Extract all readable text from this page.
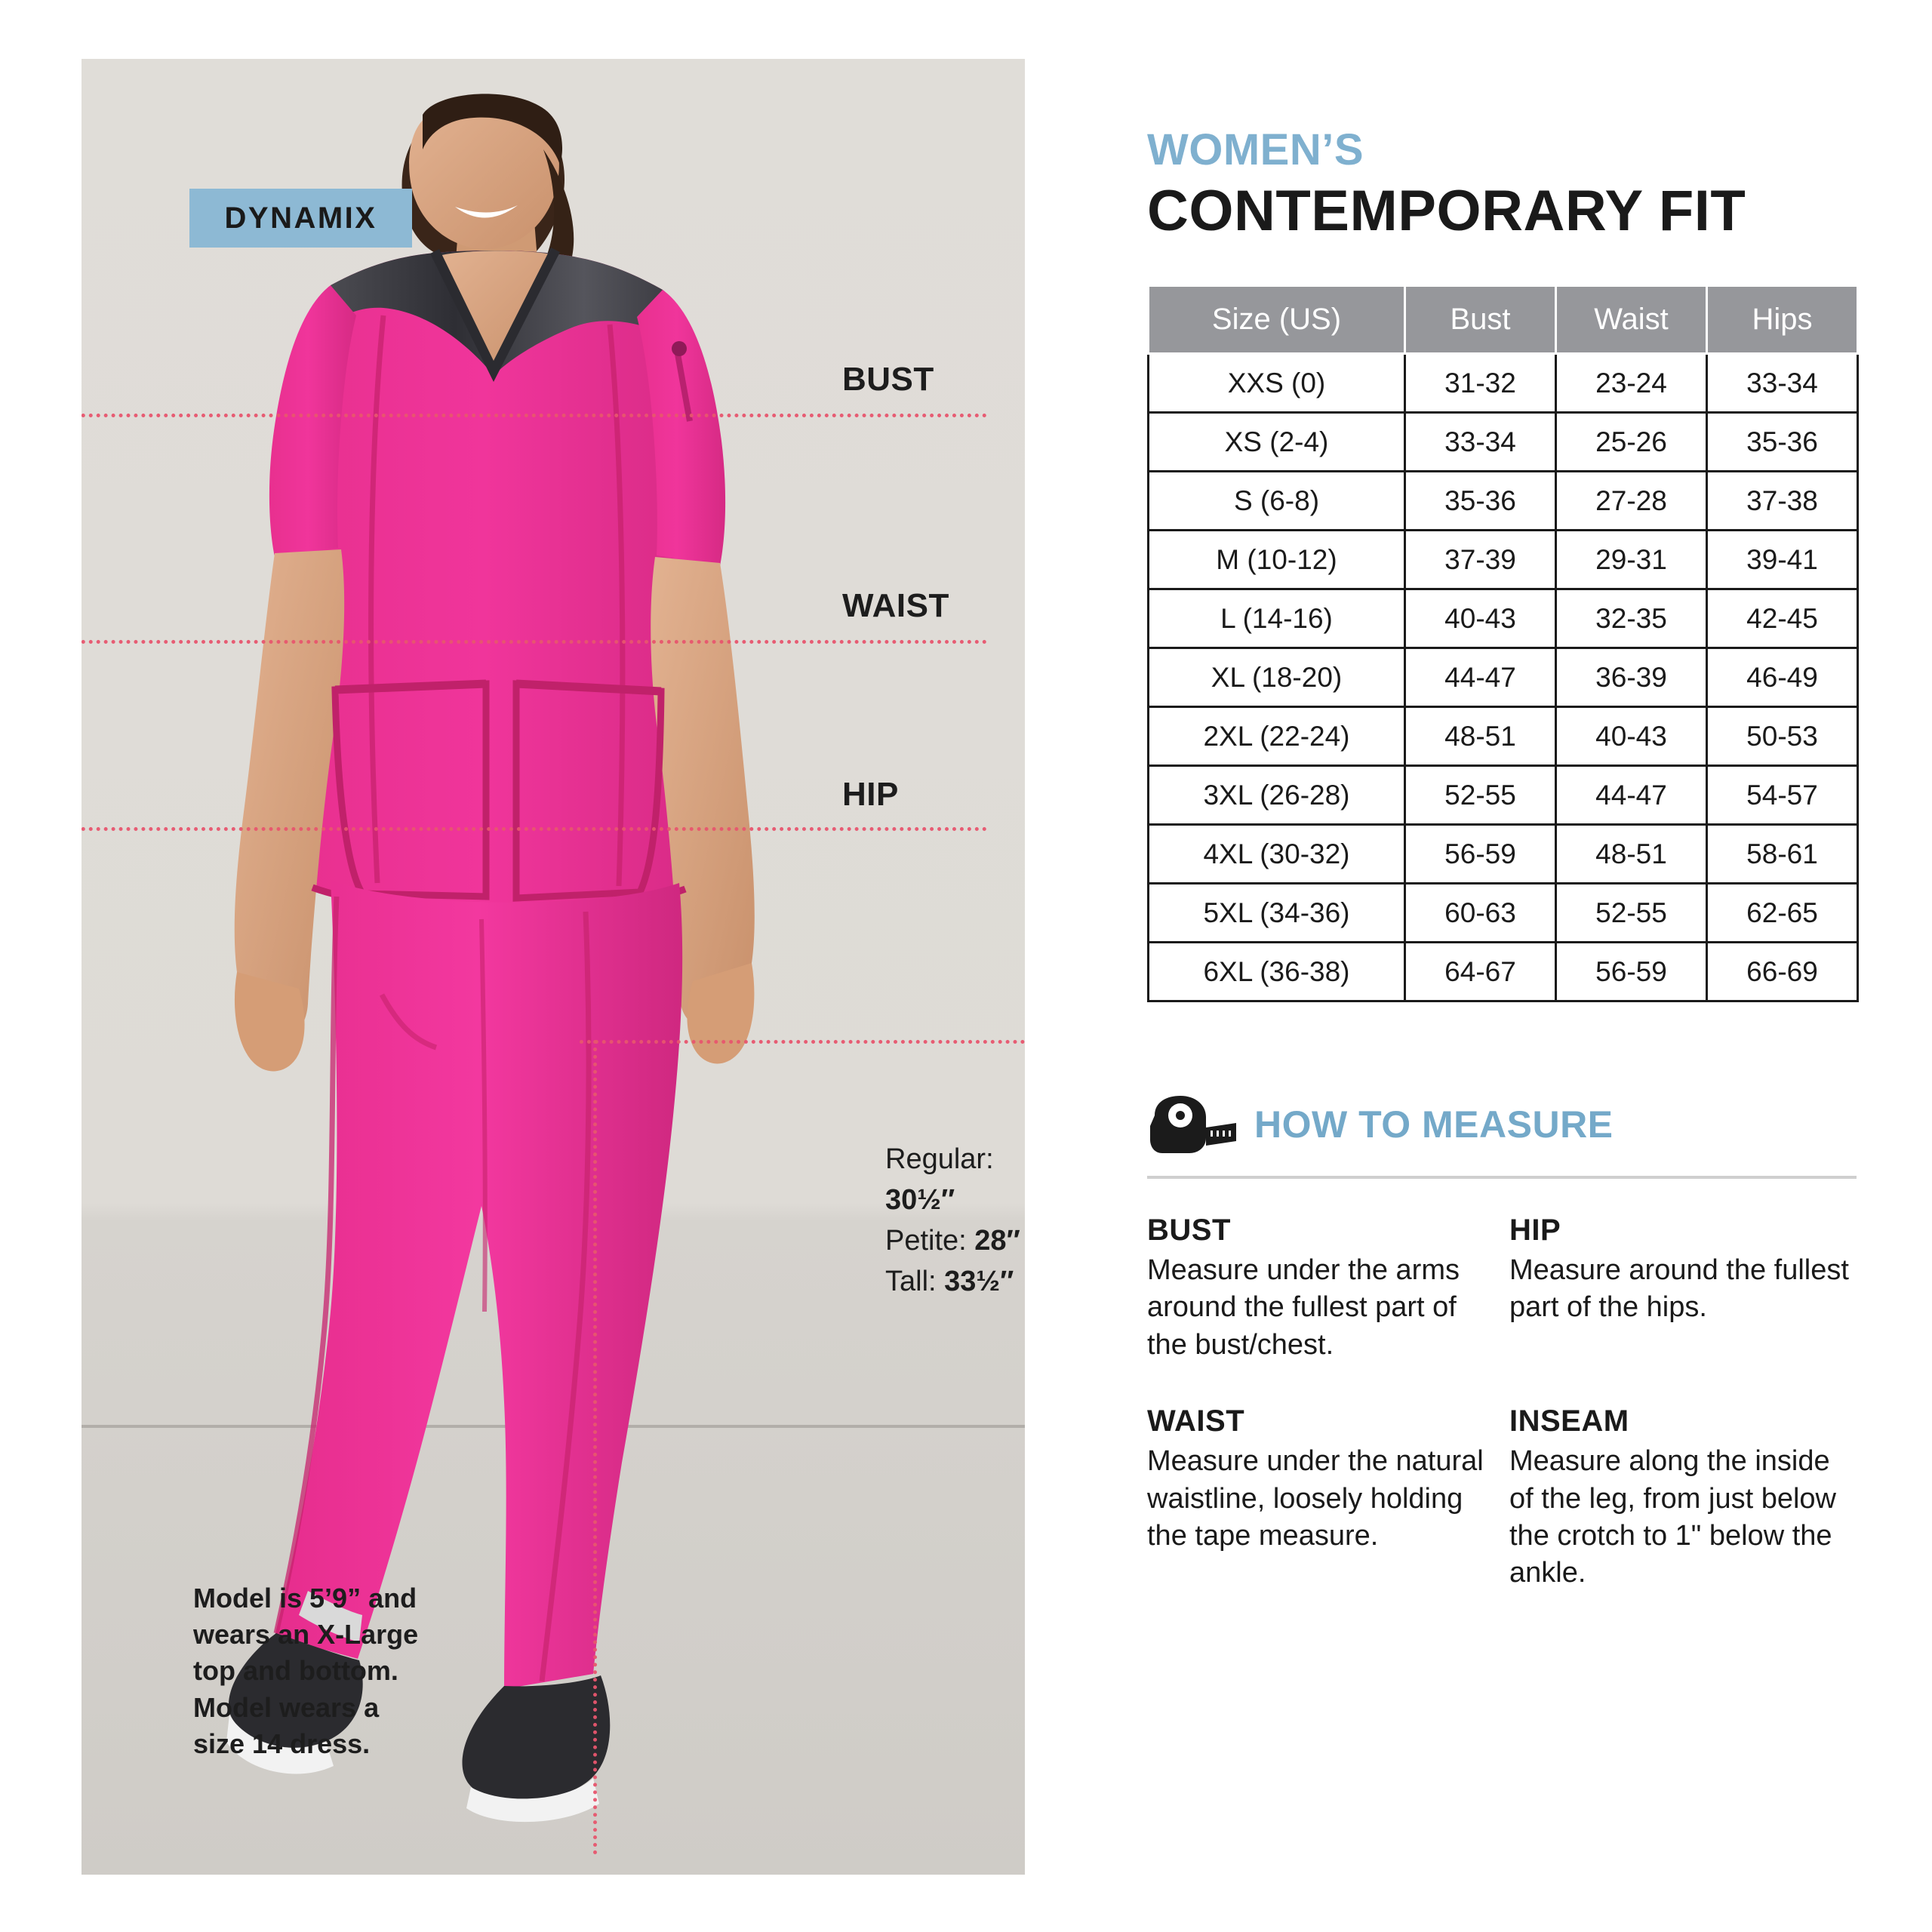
BUST
WAIST
HIP
Regular: 30½″
Petite: 28″
Tall: 33½″
DYNAMIX
Model is 5’9” and wears an X-Large top and bottom. Model wears a size 14 dress.
WOMEN’S
CONTEMPORARY FIT
Size (US)	Bust	Waist	Hips
XXS (0)	31-32	23-24	33-34
XS (2-4)	33-34	25-26	35-36
S (6-8)	35-36	27-28	37-38
M (10-12)	37-39	29-31	39-41
L (14-16)	40-43	32-35	42-45
XL (18-20)	44-47	36-39	46-49
2XL (22-24)	48-51	40-43	50-53
3XL (26-28)	52-55	44-47	54-57
4XL (30-32)	56-59	48-51	58-61
5XL (34-36)	60-63	52-55	62-65
6XL (36-38)	64-67	56-59	66-69
HOW TO MEASURE
BUST

Measure under the arms around the fullest part of the bust/chest.

HIP

Measure around the fullest part of the hips.

WAIST

Measure under the natural waistline, loosely holding the tape measure.

INSEAM

Measure along the inside of the leg, from just below the crotch to 1" below the ankle.
